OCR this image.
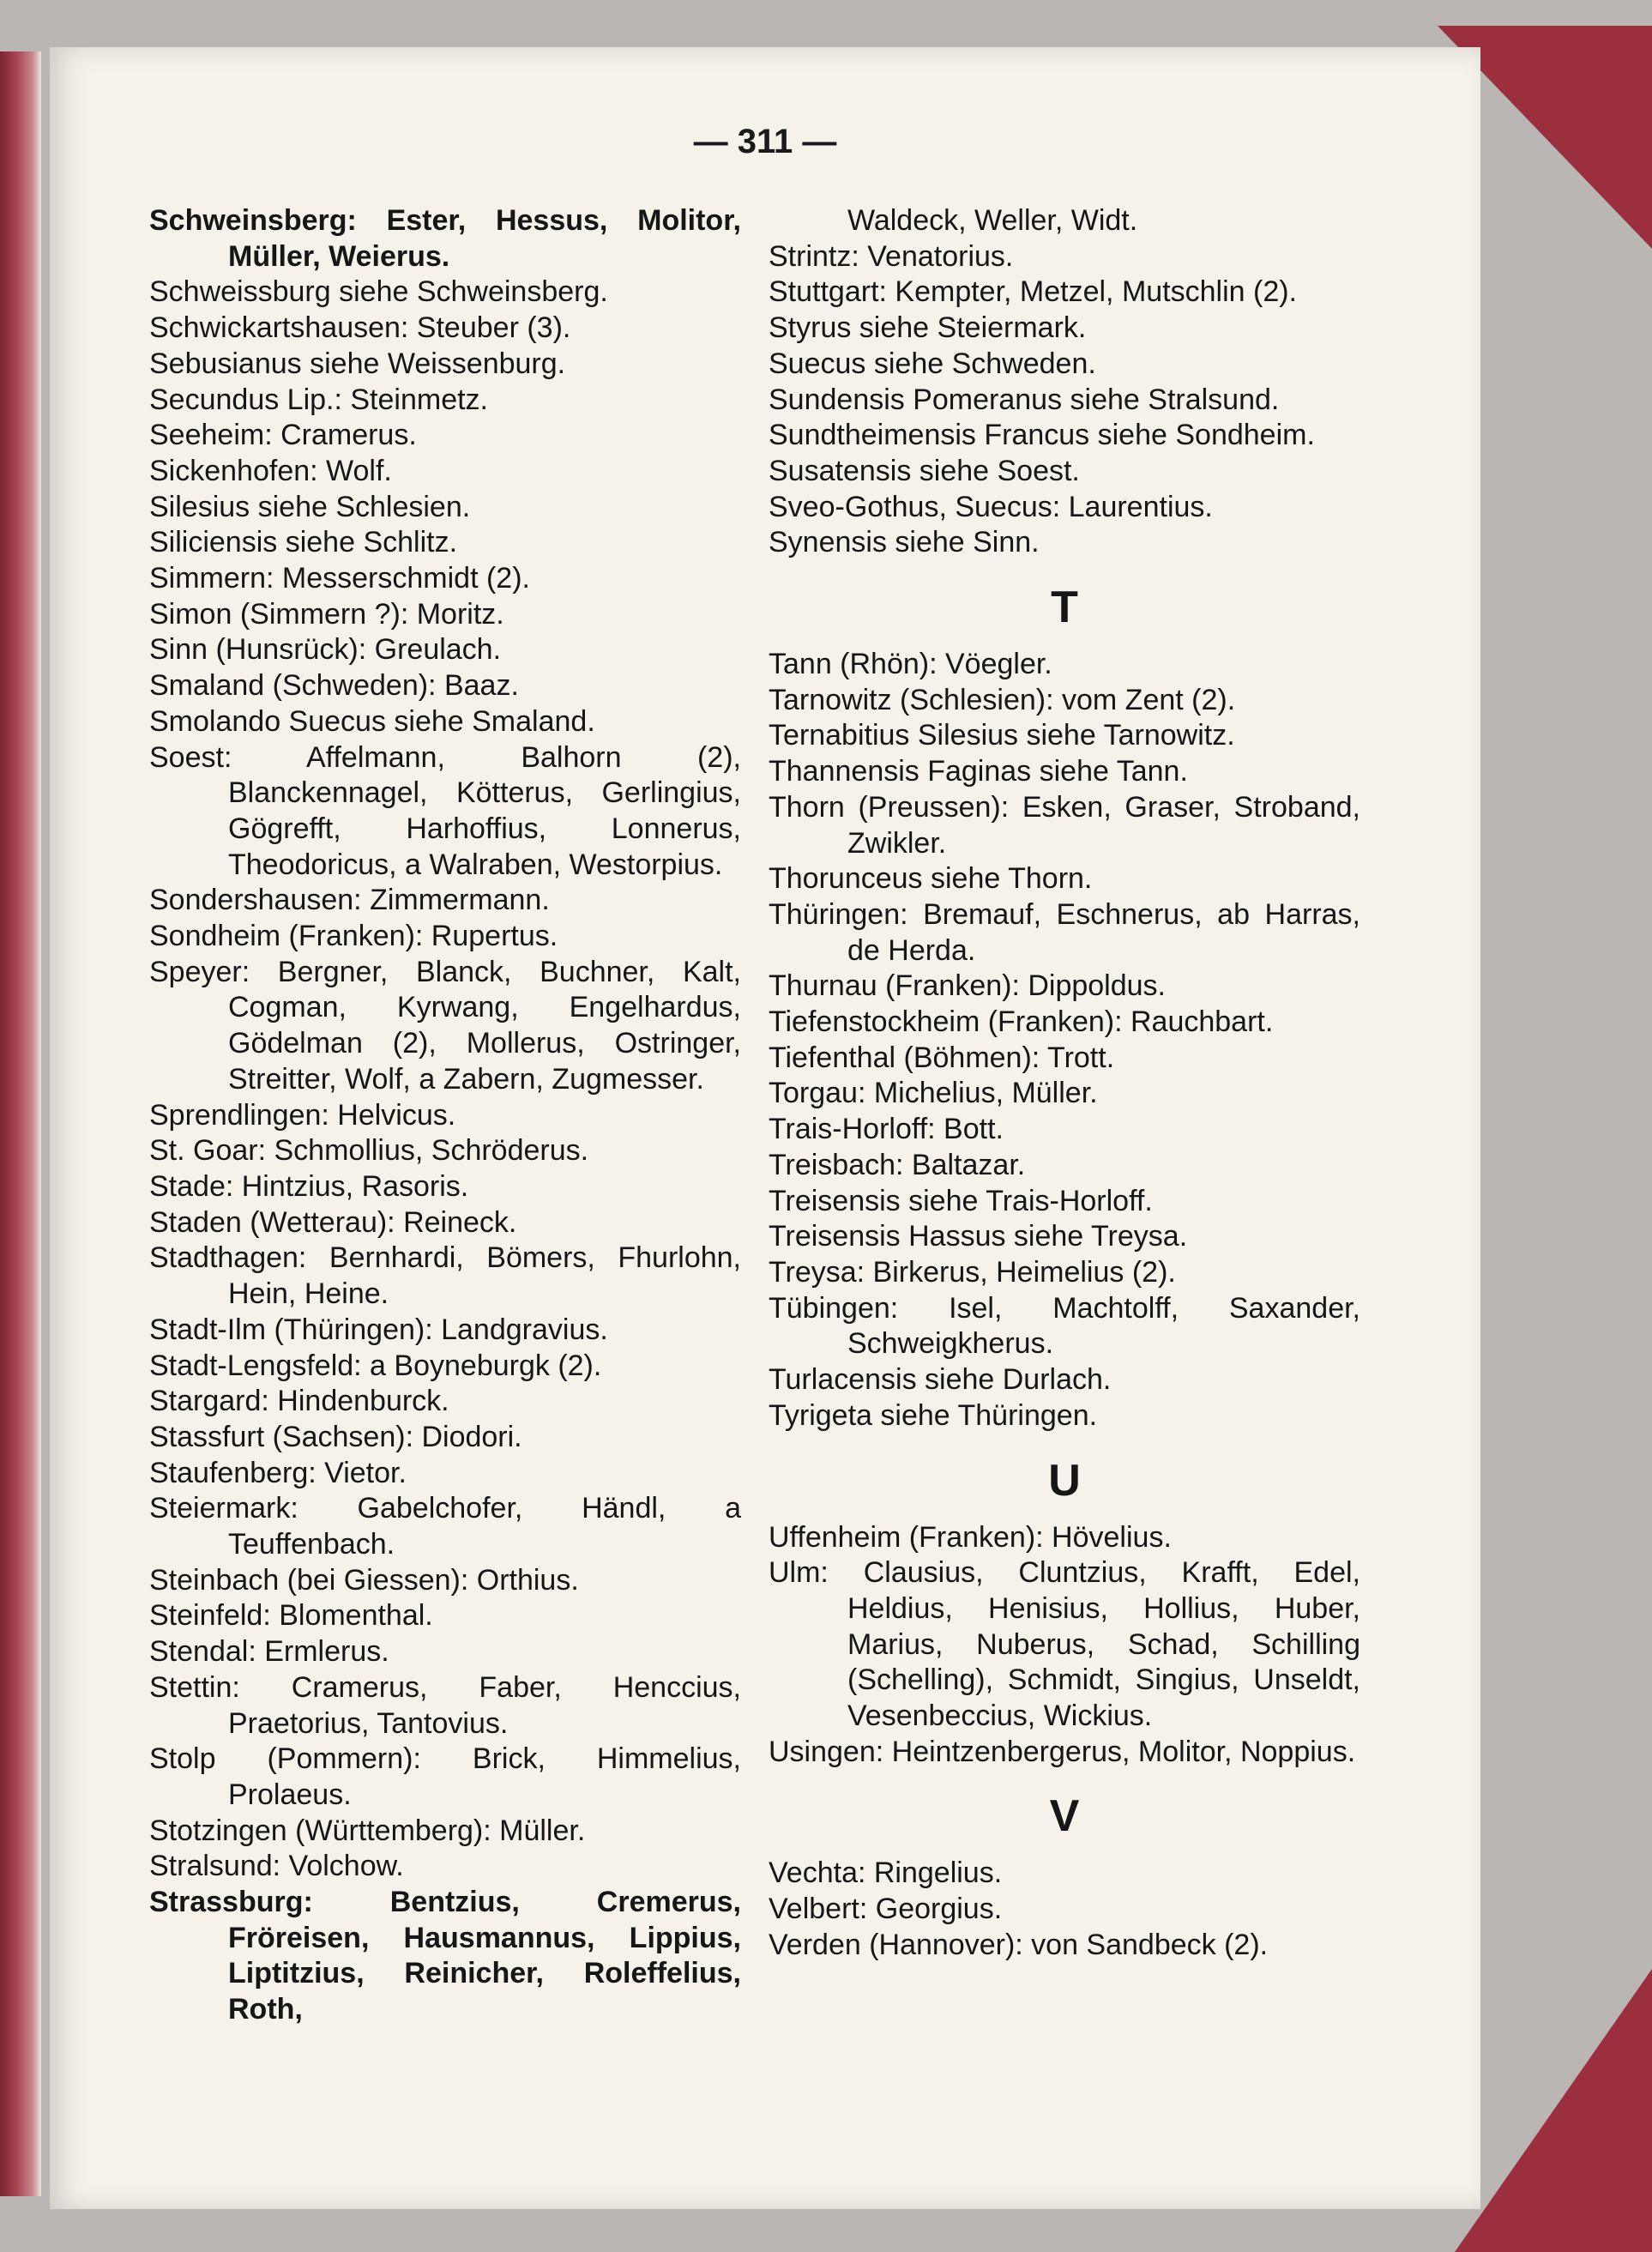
— 311 —

Schweinsberg: Ester, Hessus, Molitor, Müller, Weierus.

Schweissburg siehe Schweinsberg.

Schwickartshausen: Steuber (3).

Sebusianus siehe Weissenburg.

Secundus Lip.: Steinmetz.

Seeheim: Cramerus.

Sickenhofen: Wolf.

Silesius siehe Schlesien.

Siliciensis siehe Schlitz.

Simmern: Messerschmidt (2).

Simon (Simmern ?): Moritz.

Sinn (Hunsrück): Greulach.

Smaland (Schweden): Baaz.

Smolando Suecus siehe Smaland.

Soest: Affelmann, Balhorn (2), Blanckennagel, Kötterus, Gerlingius, Gögrefft, Harhoffius, Lonnerus, Theodoricus, a Walraben, Westorpius.

Sondershausen: Zimmermann.

Sondheim (Franken): Rupertus.

Speyer: Bergner, Blanck, Buchner, Kalt, Cogman, Kyrwang, Engelhardus, Gödelman (2), Mollerus, Ostringer, Streitter, Wolf, a Zabern, Zugmesser.

Sprendlingen: Helvicus.

St. Goar: Schmollius, Schröderus.

Stade: Hintzius, Rasoris.

Staden (Wetterau): Reineck.

Stadthagen: Bernhardi, Bömers, Fhurlohn, Hein, Heine.

Stadt-Ilm (Thüringen): Landgravius.

Stadt-Lengsfeld: a Boyneburgk (2).

Stargard: Hindenburck.

Stassfurt (Sachsen): Diodori.

Staufenberg: Vietor.

Steiermark: Gabelchofer, Händl, a Teuffenbach.

Steinbach (bei Giessen): Orthius.

Steinfeld: Blomenthal.

Stendal: Ermlerus.

Stettin: Cramerus, Faber, Henccius, Praetorius, Tantovius.

Stolp (Pommern): Brick, Himmelius, Prolaeus.

Stotzingen (Württemberg): Müller.

Stralsund: Volchow.

Strassburg: Bentzius, Cremerus, Fröreisen, Hausmannus, Lippius, Liptitzius, Reinicher, Roleffelius, Roth,

Waldeck, Weller, Widt.

Strintz: Venatorius.

Stuttgart: Kempter, Metzel, Mutschlin (2).

Styrus siehe Steiermark.

Suecus siehe Schweden.

Sundensis Pomeranus siehe Stralsund.

Sundtheimensis Francus siehe Sondheim.

Susatensis siehe Soest.

Sveo-Gothus, Suecus: Laurentius.

Synensis siehe Sinn.

T

Tann (Rhön): Vöegler.

Tarnowitz (Schlesien): vom Zent (2).

Ternabitius Silesius siehe Tarnowitz.

Thannensis Faginas siehe Tann.

Thorn (Preussen): Esken, Graser, Stroband, Zwikler.

Thorunceus siehe Thorn.

Thüringen: Bremauf, Eschnerus, ab Harras, de Herda.

Thurnau (Franken): Dippoldus.

Tiefenstockheim (Franken): Rauchbart.

Tiefenthal (Böhmen): Trott.

Torgau: Michelius, Müller.

Trais-Horloff: Bott.

Treisbach: Baltazar.

Treisensis siehe Trais-Horloff.

Treisensis Hassus siehe Treysa.

Treysa: Birkerus, Heimelius (2).

Tübingen: Isel, Machtolff, Saxander, Schweigkherus.

Turlacensis siehe Durlach.

Tyrigeta siehe Thüringen.

U

Uffenheim (Franken): Hövelius.

Ulm: Clausius, Cluntzius, Krafft, Edel, Heldius, Henisius, Hollius, Huber, Marius, Nuberus, Schad, Schilling (Schelling), Schmidt, Singius, Unseldt, Vesenbeccius, Wickius.

Usingen: Heintzenbergerus, Molitor, Noppius.

V

Vechta: Ringelius.

Velbert: Georgius.

Verden (Hannover): von Sandbeck (2).
